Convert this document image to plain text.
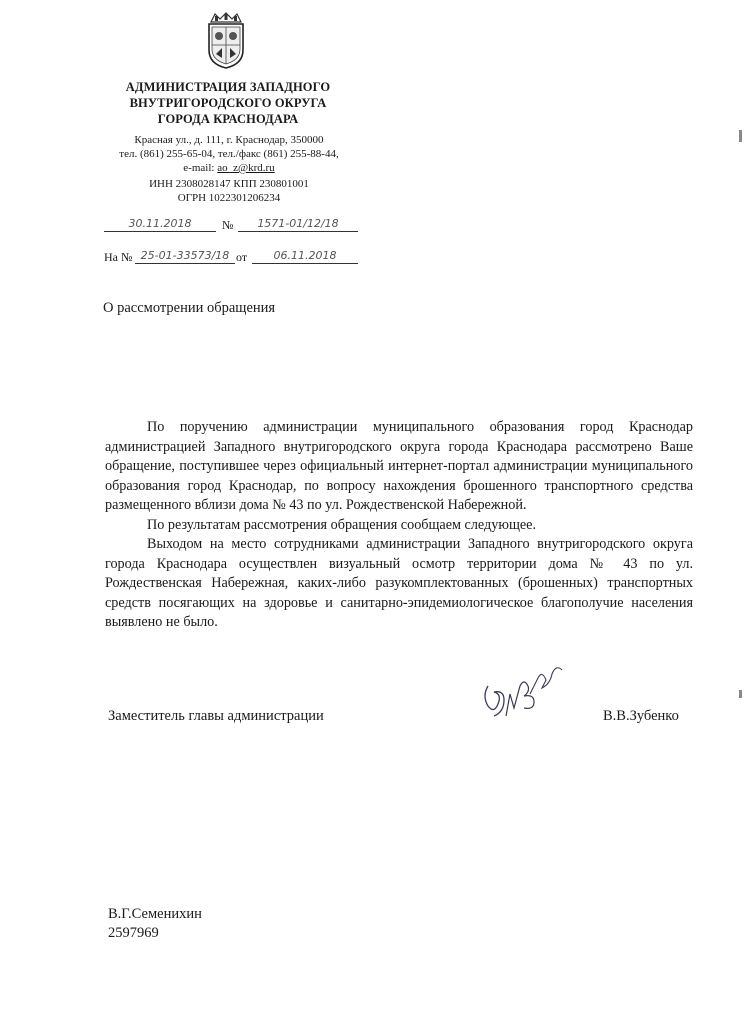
АДМИНИСТРАЦИЯ ЗАПАДНОГО
ВНУТРИГОРОДСКОГО ОКРУГА
ГОРОДА КРАСНОДАРА
Красная ул., д. 111, г. Краснодар, 350000
тел. (861) 255-65-04, тел./факс (861) 255-88-44,
e-mail: ao_z@krd.ru
ИНН 2308028147 КПП 230801001
ОГРН 1022301206234
30.11.2018	№	1571-01/12/18
На № 25-01-33573/18 от	06.11.2018
О рассмотрении обращения

По поручению администрации муниципального образования город Краснодар администрацией Западного внутригородского округа города Краснодара рассмотрено Ваше обращение, поступившее через официальный интернет-портал администрации муниципального образования город Краснодар, по вопросу нахождения брошенного транспортного средства размещенного вблизи дома № 43 по ул. Рождественской Набережной.

По результатам рассмотрения обращения сообщаем следующее.

Выходом на место сотрудниками администрации Западного внутригородского округа города Краснодара осуществлен визуальный осмотр территории дома № 43 по ул. Рождественская Набережная, каких-либо разукомплектованных (брошенных) транспортных средств посягающих на здоровье и санитарно-эпидемиологическое благополучие населения выявлено не было.

Заместитель главы администрации	В.В.Зубенко
В.Г.Семенихин
2597969
